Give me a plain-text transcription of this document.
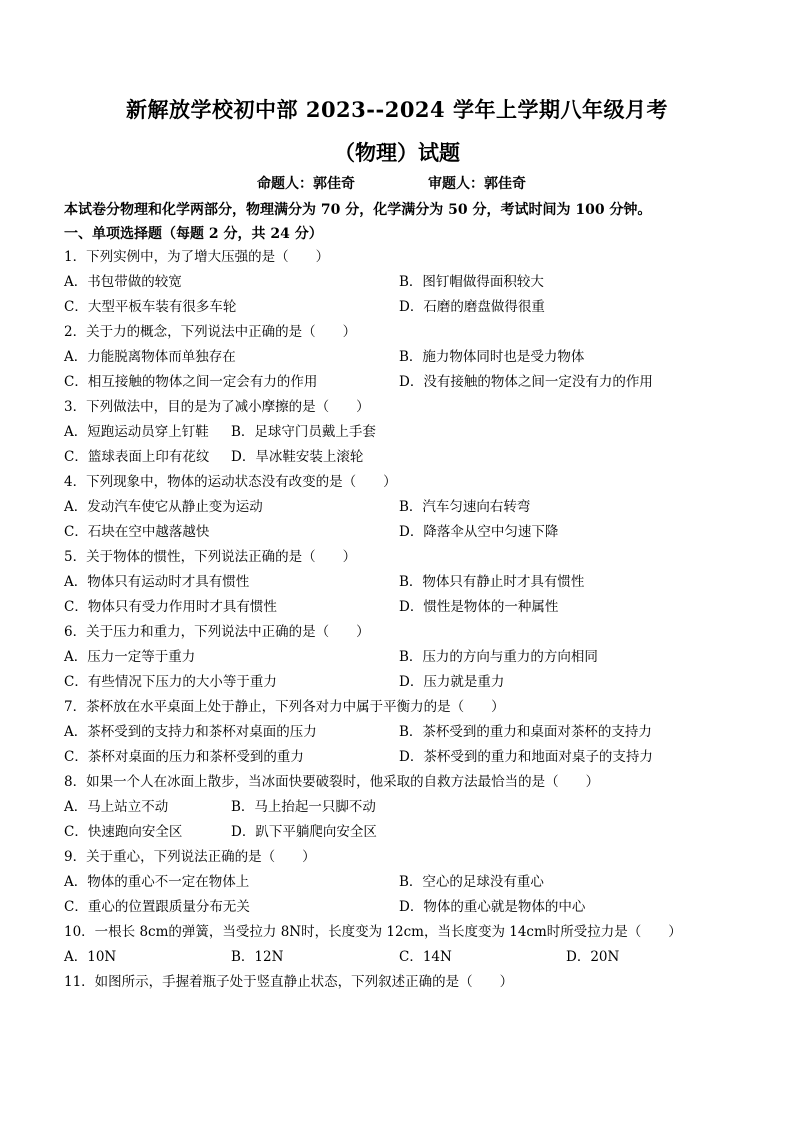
新解放学校初中部 2023--2024 学年上学期八年级月考
（物理）试题
命题人：郭佳奇	审题人：郭佳奇
本试卷分物理和化学两部分，物理满分为 70 分，化学满分为 50 分，考试时间为 100 分钟。
一、单项选择题（每题 2 分，共 24 分）
1．下列实例中，为了增大压强的是（　　）
A．书包带做的较宽	B．图钉帽做得面积较大
C．大型平板车装有很多车轮	D．石磨的磨盘做得很重
2．关于力的概念，下列说法中正确的是（　　）
A．力能脱离物体而单独存在	B．施力物体同时也是受力物体
C．相互接触的物体之间一定会有力的作用	D．没有接触的物体之间一定没有力的作用
3．下列做法中，目的是为了减小摩擦的是（　　）
A．短跑运动员穿上钉鞋 B．足球守门员戴上手套
C．篮球表面上印有花纹 D．旱冰鞋安装上滚轮
4．下列现象中，物体的运动状态没有改变的是（　　）
A．发动汽车使它从静止变为运动	B．汽车匀速向右转弯
C．石块在空中越落越快	D．降落伞从空中匀速下降
5．关于物体的惯性，下列说法正确的是（　　）
A．物体只有运动时才具有惯性	B．物体只有静止时才具有惯性
C．物体只有受力作用时才具有惯性	D．惯性是物体的一种属性
6．关于压力和重力，下列说法中正确的是（　　）
A．压力一定等于重力	B．压力的方向与重力的方向相同
C．有些情况下压力的大小等于重力	D．压力就是重力
7．茶杯放在水平桌面上处于静止，下列各对力中属于平衡力的是（　　）
A．茶杯受到的支持力和茶杯对桌面的压力	B．茶杯受到的重力和桌面对茶杯的支持力
C．茶杯对桌面的压力和茶杯受到的重力	D．茶杯受到的重力和地面对桌子的支持力
8．如果一个人在冰面上散步，当冰面快要破裂时，他采取的自救方法最恰当的是（　　）
A．马上站立不动	B．马上抬起一只脚不动
C．快速跑向安全区	D．趴下平躺爬向安全区
9．关于重心，下列说法正确的是（　　）
A．物体的重心不一定在物体上	B．空心的足球没有重心
C．重心的位置跟质量分布无关	D．物体的重心就是物体的中心
10．一根长 8cm的弹簧，当受拉力 8N时，长度变为 12cm，当长度变为 14cm时所受拉力是（　　）
A．10N	B．12N	C．14N	D．20N
11．如图所示，手握着瓶子处于竖直静止状态，下列叙述正确的是（　　）
